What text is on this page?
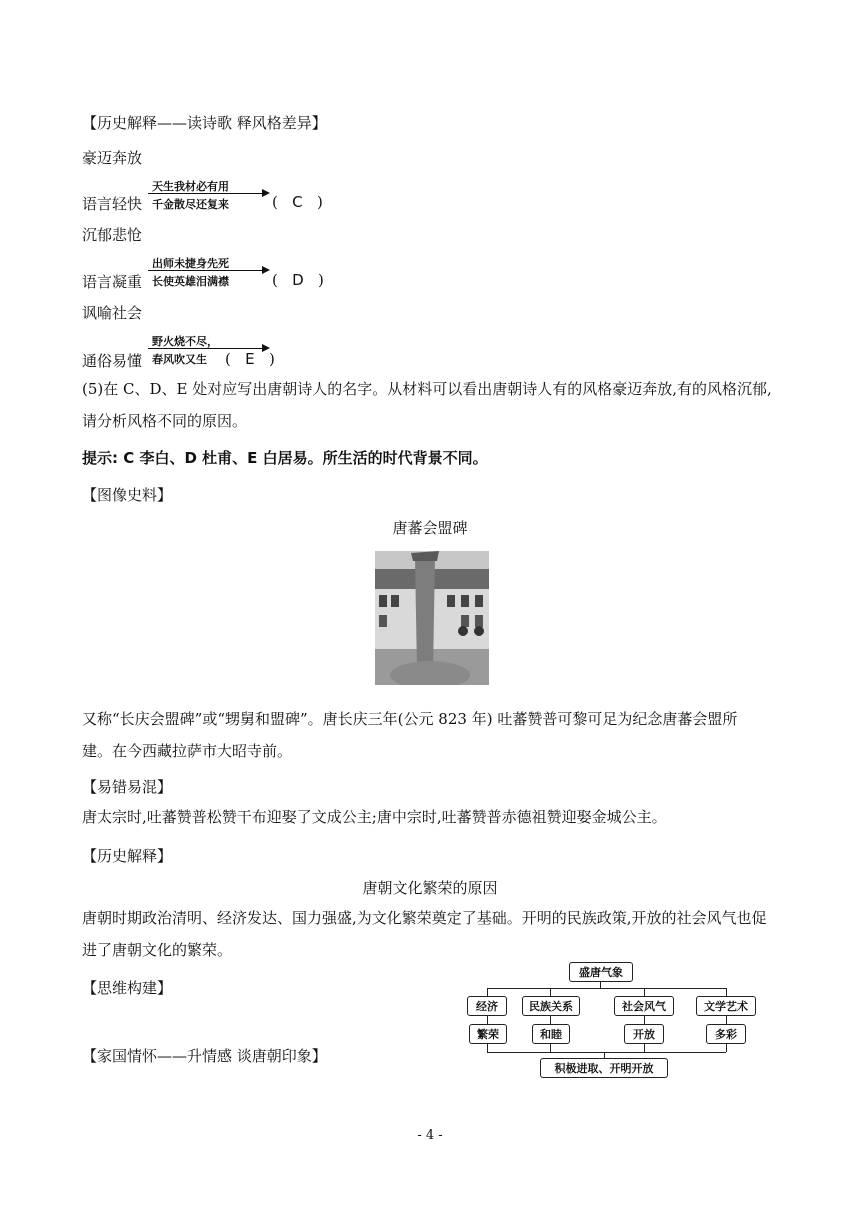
【历史解释——读诗歌 释风格差异】
豪迈奔放
天生我材必有用
千金散尽还复来
语言轻快	(   C   )
沉郁悲怆
出师未捷身先死
长使英雄泪满襟
语言凝重	(   D   )
讽喻社会
野火烧不尽，
春风吹又生
通俗易懂	(   E   )
(5)在 C、D、E 处对应写出唐朝诗人的名字。从材料可以看出唐朝诗人有的风格豪迈奔放,有的风格沉郁,
请分析风格不同的原因。
提示: C 李白、D 杜甫、E 白居易。所生活的时代背景不同。
【图像史料】
唐蕃会盟碑
又称“长庆会盟碑”或“甥舅和盟碑”。唐长庆三年(公元 823 年) 吐蕃赞普可黎可足为纪念唐蕃会盟所
建。在今西藏拉萨市大昭寺前。
【易错易混】
唐太宗时,吐蕃赞普松赞干布迎娶了文成公主;唐中宗时,吐蕃赞普赤德祖赞迎娶金城公主。
【历史解释】
唐朝文化繁荣的原因
唐朝时期政治清明、经济发达、国力强盛,为文化繁荣奠定了基础。开明的民族政策,开放的社会风气也促
进了唐朝文化的繁荣。
【思维构建】
盛唐气象
经济	民族关系	社会风气	文学艺术
繁荣	和睦	开放	多彩
积极进取、开明开放
【家国情怀——升情感 谈唐朝印象】
- 4 -
